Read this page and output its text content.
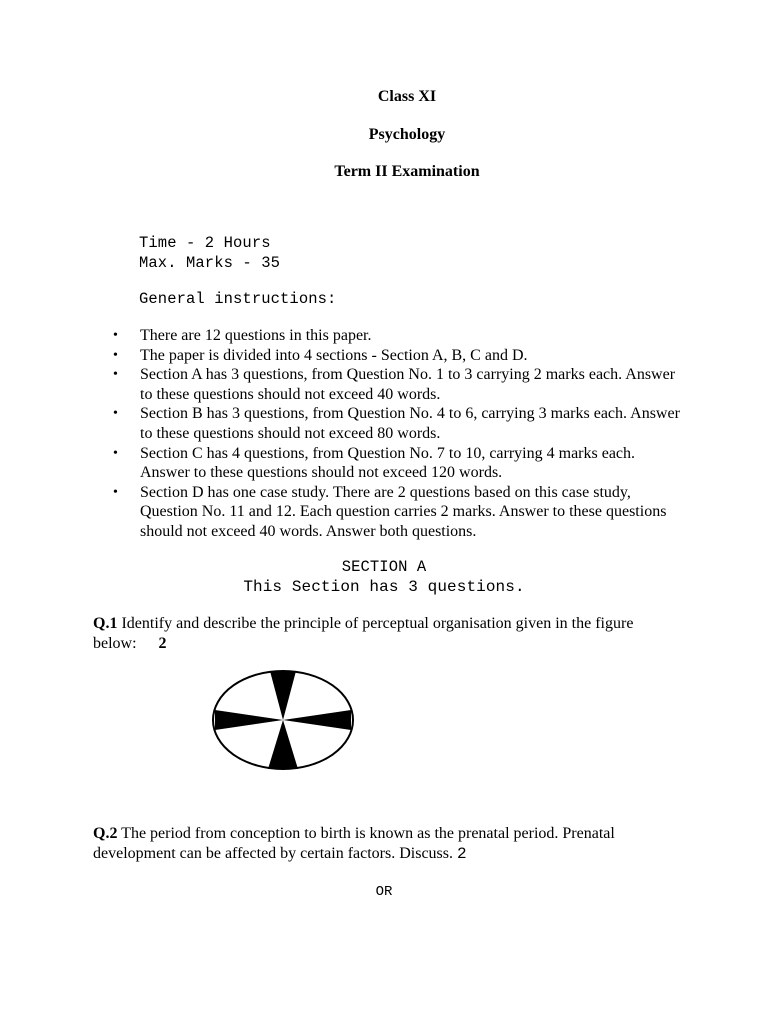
Class XI
Psychology
Term II Examination
Time - 2 Hours
Max. Marks - 35
General instructions:
• There are 12 questions in this paper.
• The paper is divided into 4 sections - Section A, B, C and D.
• Section A has 3 questions, from Question No. 1 to 3 carrying 2 marks each. Answer to these questions should not exceed 40 words.
• Section B has 3 questions, from Question No. 4 to 6, carrying 3 marks each. Answer to these questions should not exceed 80 words.
• Section C has 4 questions, from Question No. 7 to 10, carrying 4 marks each. Answer to these questions should not exceed 120 words.
• Section D has one case study. There are 2 questions based on this case study, Question No. 11 and 12. Each question carries 2 marks. Answer to these questions should not exceed 40 words. Answer both questions.
SECTION A
This Section has 3 questions.
Q.1 Identify and describe the principle of perceptual organisation given in the figure below: 2
Q.2 The period from conception to birth is known as the prenatal period. Prenatal development can be affected by certain factors. Discuss. 2
OR
